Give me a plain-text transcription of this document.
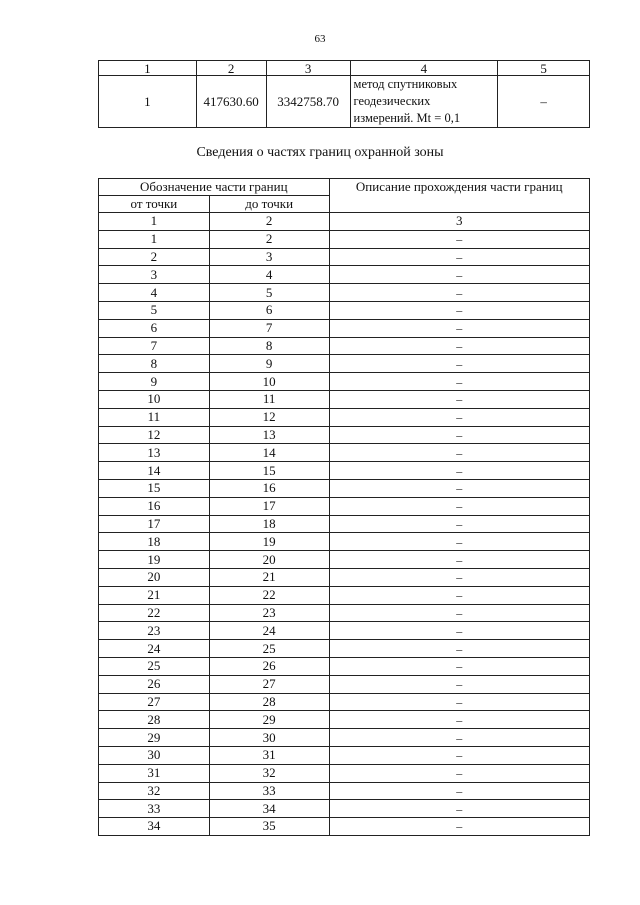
63
1	2	3	4	5
1	417630.60	3342758.70	метод спутниковых
геодезических
измерений. Mt = 0,1	–
Сведения о частях границ охранной зоны
Обозначение части границ		Описание прохождения части границ
от точки	до точки	
1	2	3
1	2	–
2	3	–
3	4	–
4	5	–
5	6	–
6	7	–
7	8	–
8	9	–
9	10	–
10	11	–
11	12	–
12	13	–
13	14	–
14	15	–
15	16	–
16	17	–
17	18	–
18	19	–
19	20	–
20	21	–
21	22	–
22	23	–
23	24	–
24	25	–
25	26	–
26	27	–
27	28	–
28	29	–
29	30	–
30	31	–
31	32	–
32	33	–
33	34	–
34	35	–
